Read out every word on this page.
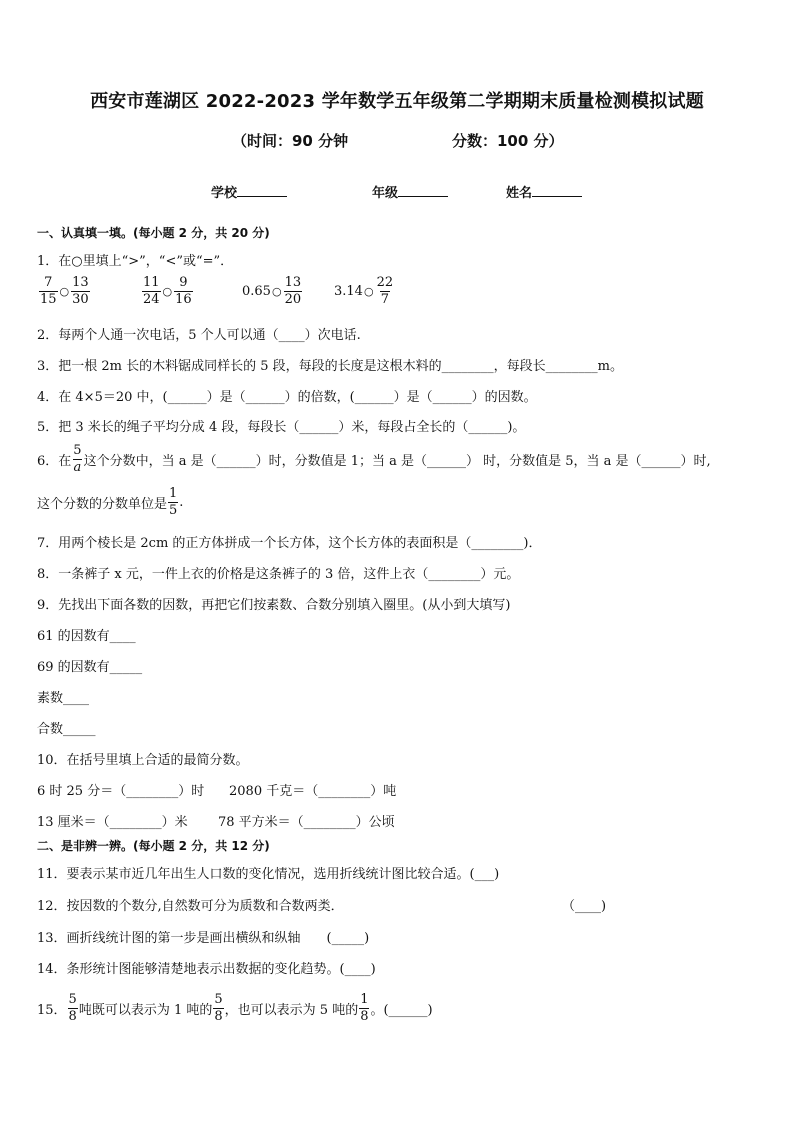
西安市莲湖区 2022-2023 学年数学五年级第二学期期末质量检测模拟试题
（时间：90 分钟	分数：100 分）
学校	年级	姓名
一、认真填一填。(每小题 2 分，共 20 分)
1．在○里填上“>”，“<”或“=”．
$\frac{7}{15}$ ○ $\frac{13}{30}$	$\frac{11}{24}$ ○ $\frac{9}{16}$	0.65 ○ $\frac{13}{20} 3.14$ ○ $\frac{22}{7}$
2．每两个人通一次电话，5 个人可以通（____）次电话.
3．把一根 2m 长的木料锯成同样长的 5 段，每段的长度是这根木料的________，每段长________m。
4．在 4×5＝20 中，(______）是（______）的倍数，(______）是（______）的因数。
5．把 3 米长的绳子平均分成 4 段，每段长（______）米，每段占全长的（______)。
6．在 $\frac{5}{a}$ 这个分数中，当 a 是（______）时，分数值是 1；当 a 是（______） 时，分数值是 5，当 a 是（______）时,
这个分数的分数单位是 $\frac{1}{5}$ .
7．用两个棱长是 2cm 的正方体拼成一个长方体，这个长方体的表面积是（________)．
8．一条裤子 x 元，一件上衣的价格是这条裤子的 3 倍，这件上衣（________）元。
9．先找出下面各数的因数，再把它们按素数、合数分别填入圈里。(从小到大填写)
61 的因数有____
69 的因数有_____
素数____
合数_____
10．在括号里填上合适的最简分数。
6 时 25 分＝（________）时 2080 千克＝（________）吨
13 厘米＝（________）米 78 平方米＝（________）公顷
二、是非辨一辨。(每小题 2 分，共 12 分)
11．要表示某市近几年出生人口数的变化情况，选用折线统计图比较合适。(___)
12．按因数的个数分,自然数可分为质数和合数两类．	（____)
13．画折线统计图的第一步是画出横纵和纵轴　　(_____)
14．条形统计图能够清楚地表示出数据的变化趋势。(____)
15． $\frac{5}{8}$ 吨既可以表示为 1 吨的 $\frac{5}{8}$ ，也可以表示为 5 吨的 $\frac{1}{8}$ 。(______)
